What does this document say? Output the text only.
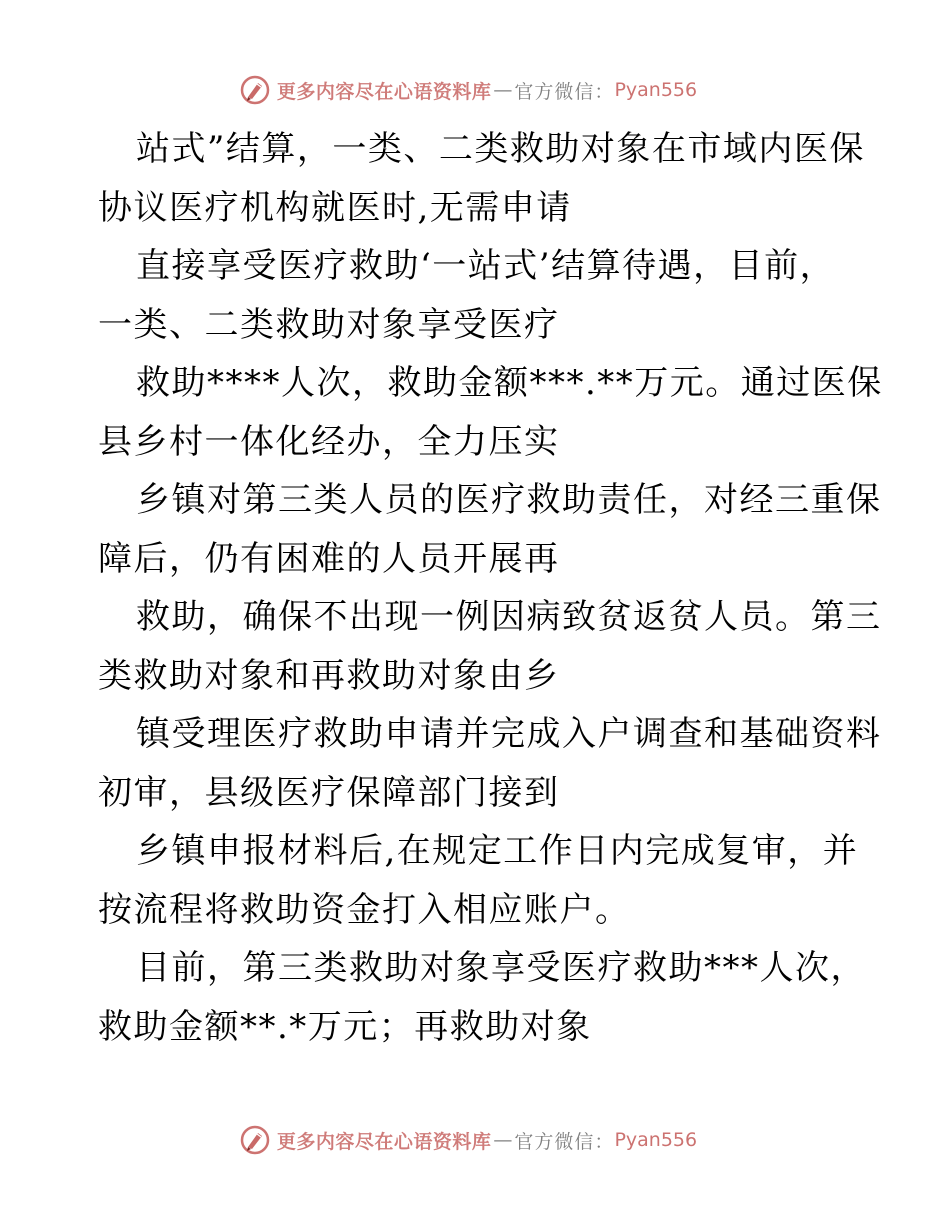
更多内容尽在心语资料库 — 官方微信： Pyan556
站式”结算，一类、二类救助对象在市域内医保
协议医疗机构就医时,无需申请
直接享受医疗救助‘一站式’结算待遇，目前，
一类、二类救助对象享受医疗
救助****人次，救助金额***.**万元。通过医保
县乡村一体化经办，全力压实
乡镇对第三类人员的医疗救助责任，对经三重保
障后，仍有困难的人员开展再
救助，确保不出现一例因病致贫返贫人员。第三
类救助对象和再救助对象由乡
镇受理医疗救助申请并完成入户调查和基础资料
初审，县级医疗保障部门接到
乡镇申报材料后,在规定工作日内完成复审，并
按流程将救助资金打入相应账户。
目前，第三类救助对象享受医疗救助***人次，
救助金额**.*万元；再救助对象
更多内容尽在心语资料库 — 官方微信： Pyan556
